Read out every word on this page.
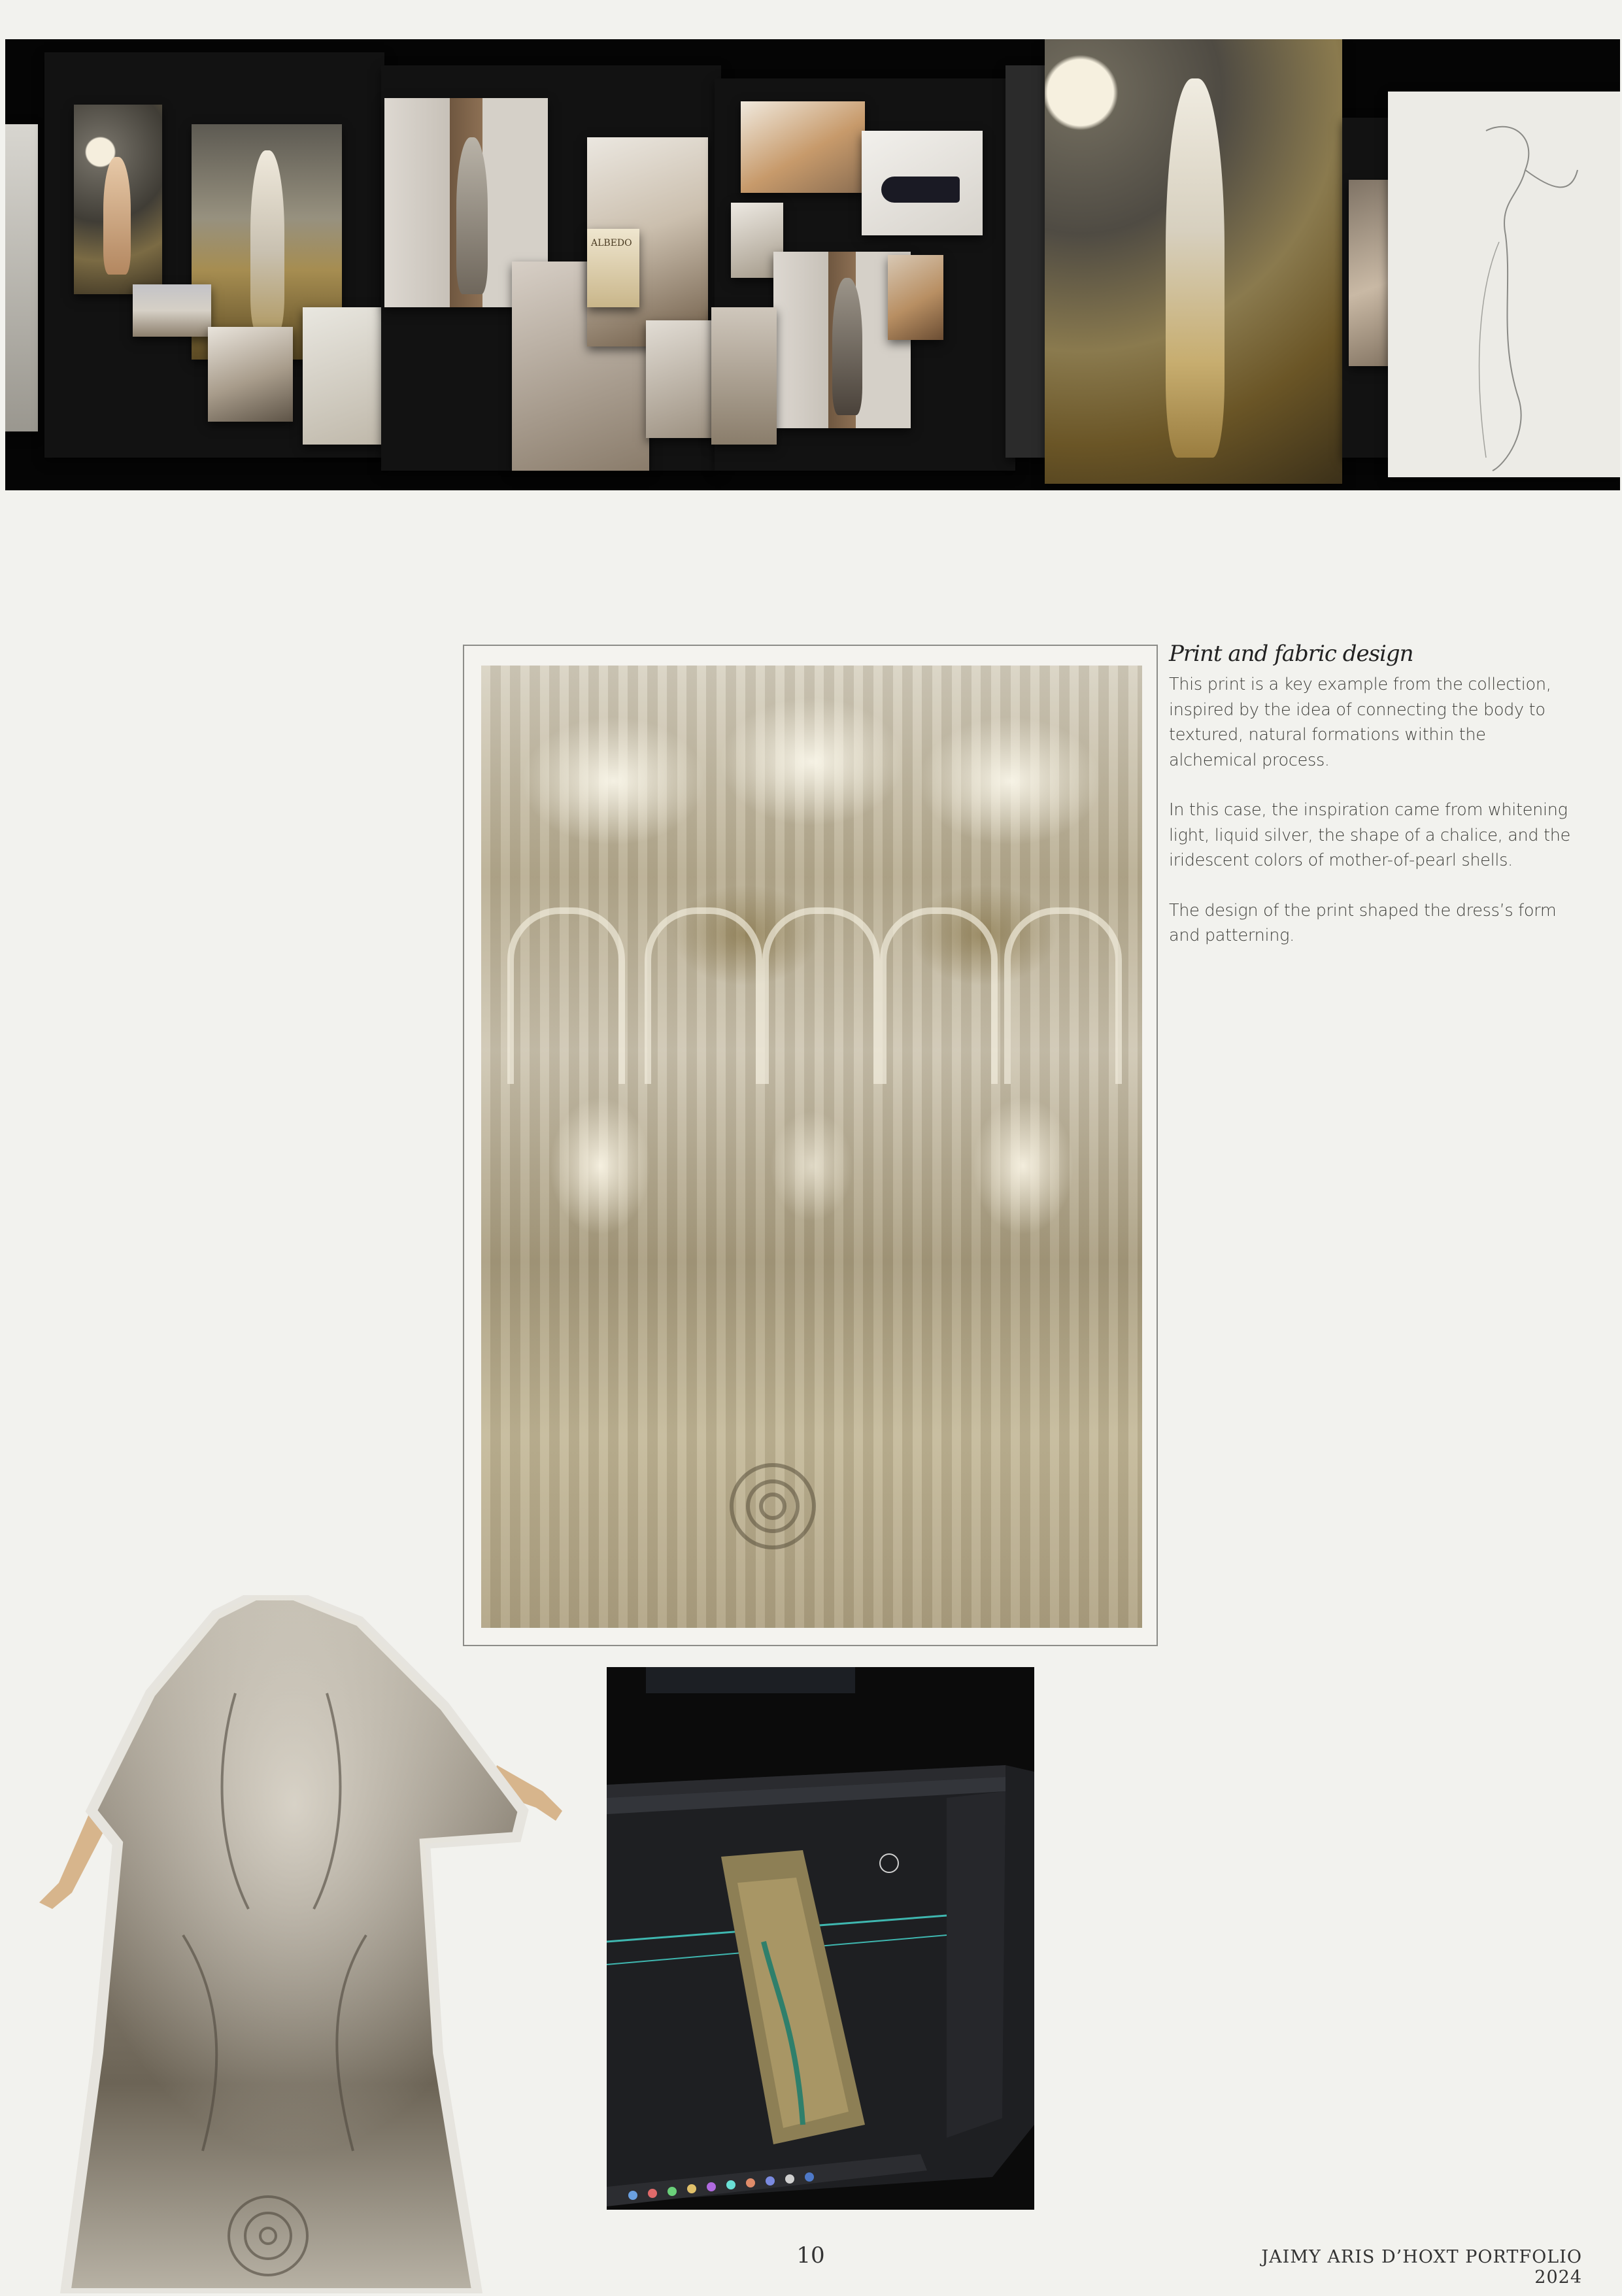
ALBEDO
Print and fabric design

This print is a key example from the collection, inspired by the idea of connecting the body to textured, natural formations within the alchemical process.

In this case, the inspiration came from whitening light, liquid silver, the shape of a chalice, and the iridescent colors of mother-of-pearl shells.

The design of the print shaped the dress’s form and patterning.

10	JAIMY ARIS D’HOXT PORTFOLIO 2024
